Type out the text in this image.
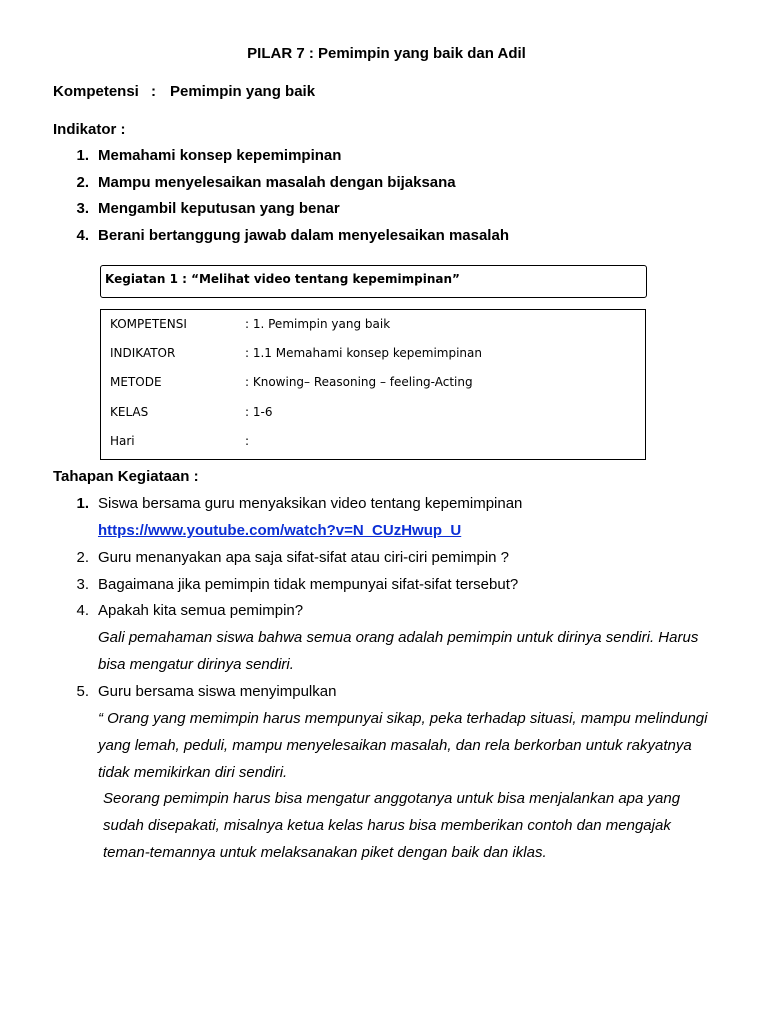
PILAR 7 : Pemimpin yang baik dan Adil
Kompetensi : Pemimpin yang baik
Indikator :
1. Memahami konsep kepemimpinan
2. Mampu menyelesaikan masalah dengan bijaksana
3. Mengambil keputusan yang benar
4. Berani bertanggung jawab dalam menyelesaikan masalah
Kegiatan 1 : “Melihat video tentang kepemimpinan”
KOMPETENSI	: 1. Pemimpin yang baik
INDIKATOR	: 1.1 Memahami konsep kepemimpinan
METODE	: Knowing– Reasoning – feeling-Acting
KELAS	: 1-6
Hari	:
Tahapan Kegiataan :
1. Siswa bersama guru menyaksikan video tentang kepemimpinan
https://www.youtube.com/watch?v=N_CUzHwup_U
2. Guru menanyakan apa saja sifat-sifat atau ciri-ciri pemimpin ?
3. Bagaimana jika pemimpin tidak mempunyai sifat-sifat tersebut?
4. Apakah kita semua pemimpin?
Gali pemahaman siswa bahwa semua orang adalah pemimpin untuk dirinya sendiri. Harus
bisa mengatur dirinya sendiri.
5. Guru bersama siswa menyimpulkan
“ Orang yang memimpin harus mempunyai sikap, peka terhadap situasi, mampu melindungi
yang lemah, peduli, mampu menyelesaikan masalah, dan rela berkorban untuk rakyatnya
tidak memikirkan diri sendiri.
Seorang pemimpin harus bisa mengatur anggotanya untuk bisa menjalankan apa yang
sudah disepakati, misalnya ketua kelas harus bisa memberikan contoh dan mengajak
teman-temannya untuk melaksanakan piket dengan baik dan iklas.
